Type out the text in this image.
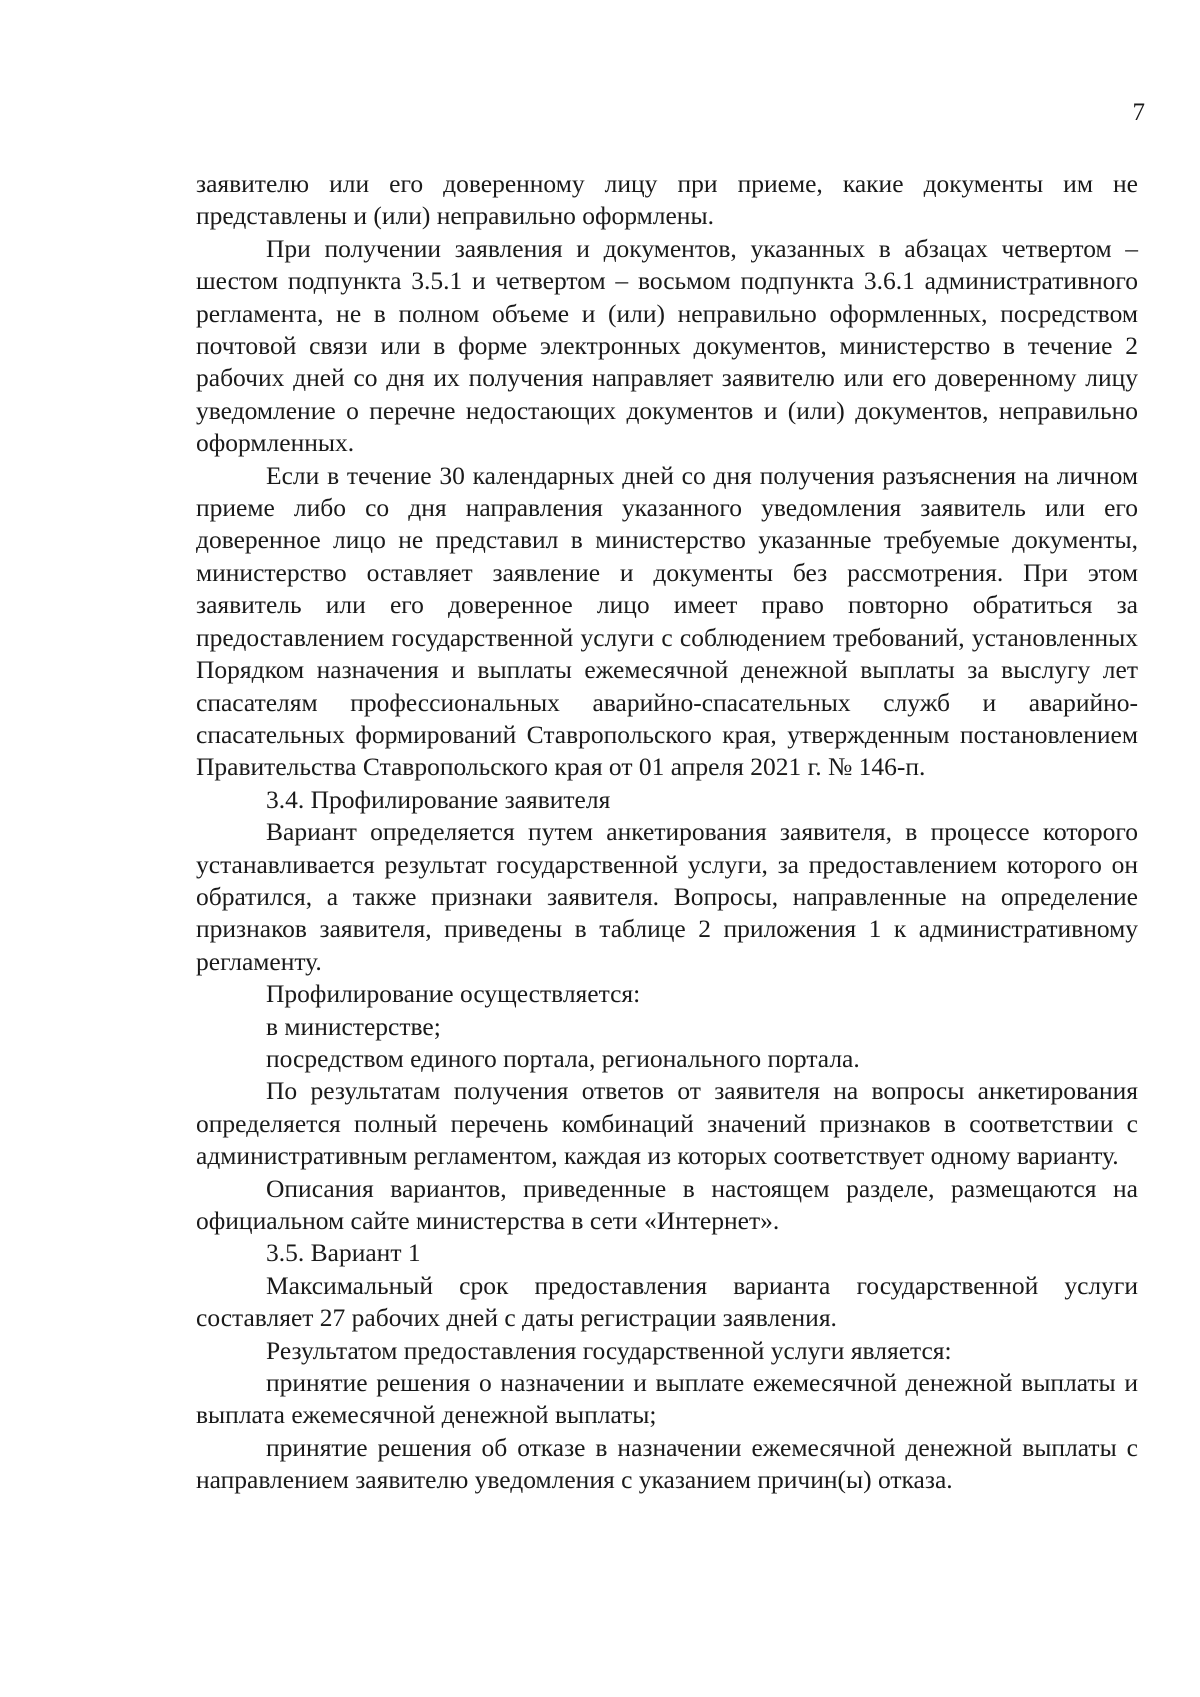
7

заявителю или его доверенному лицу при приеме, какие документы им не представлены и (или) неправильно оформлены.

При получении заявления и документов, указанных в абзацах четвертом – шестом подпункта 3.5.1 и четвертом – восьмом подпункта 3.6.1 административного регламента, не в полном объеме и (или) неправильно оформленных, посредством почтовой связи или в форме электронных документов, министерство в течение 2 рабочих дней со дня их получения направляет заявителю или его доверенному лицу уведомление о перечне недостающих документов и (или) документов, неправильно оформленных.

Если в течение 30 календарных дней со дня получения разъяснения на личном приеме либо со дня направления указанного уведомления заявитель или его доверенное лицо не представил в министерство указанные требуемые документы, министерство оставляет заявление и документы без рассмотрения. При этом заявитель или его доверенное лицо имеет право повторно обратиться за предоставлением государственной услуги с соблюдением требований, установленных Порядком назначения и выплаты ежемесячной денежной выплаты за выслугу лет спасателям профессиональных аварийно-спасательных служб и аварийно-спасательных формирований Ставропольского края, утвержденным постановлением Правительства Ставропольского края от 01 апреля 2021 г. № 146-п.

3.4. Профилирование заявителя

Вариант определяется путем анкетирования заявителя, в процессе которого устанавливается результат государственной услуги, за предоставлением которого он обратился, а также признаки заявителя. Вопросы, направленные на определение признаков заявителя, приведены в таблице 2 приложения 1 к административному регламенту.

Профилирование осуществляется:

в министерстве;

посредством единого портала, регионального портала.

По результатам получения ответов от заявителя на вопросы анкетирования определяется полный перечень комбинаций значений признаков в соответствии с административным регламентом, каждая из которых соответствует одному варианту.

Описания вариантов, приведенные в настоящем разделе, размещаются на официальном сайте министерства в сети «Интернет».

3.5. Вариант 1

Максимальный срок предоставления варианта государственной услуги составляет 27 рабочих дней с даты регистрации заявления.

Результатом предоставления государственной услуги является:

принятие решения о назначении и выплате ежемесячной денежной выплаты и выплата ежемесячной денежной выплаты;

принятие решения об отказе в назначении ежемесячной денежной выплаты с направлением заявителю уведомления с указанием причин(ы) отказа.
